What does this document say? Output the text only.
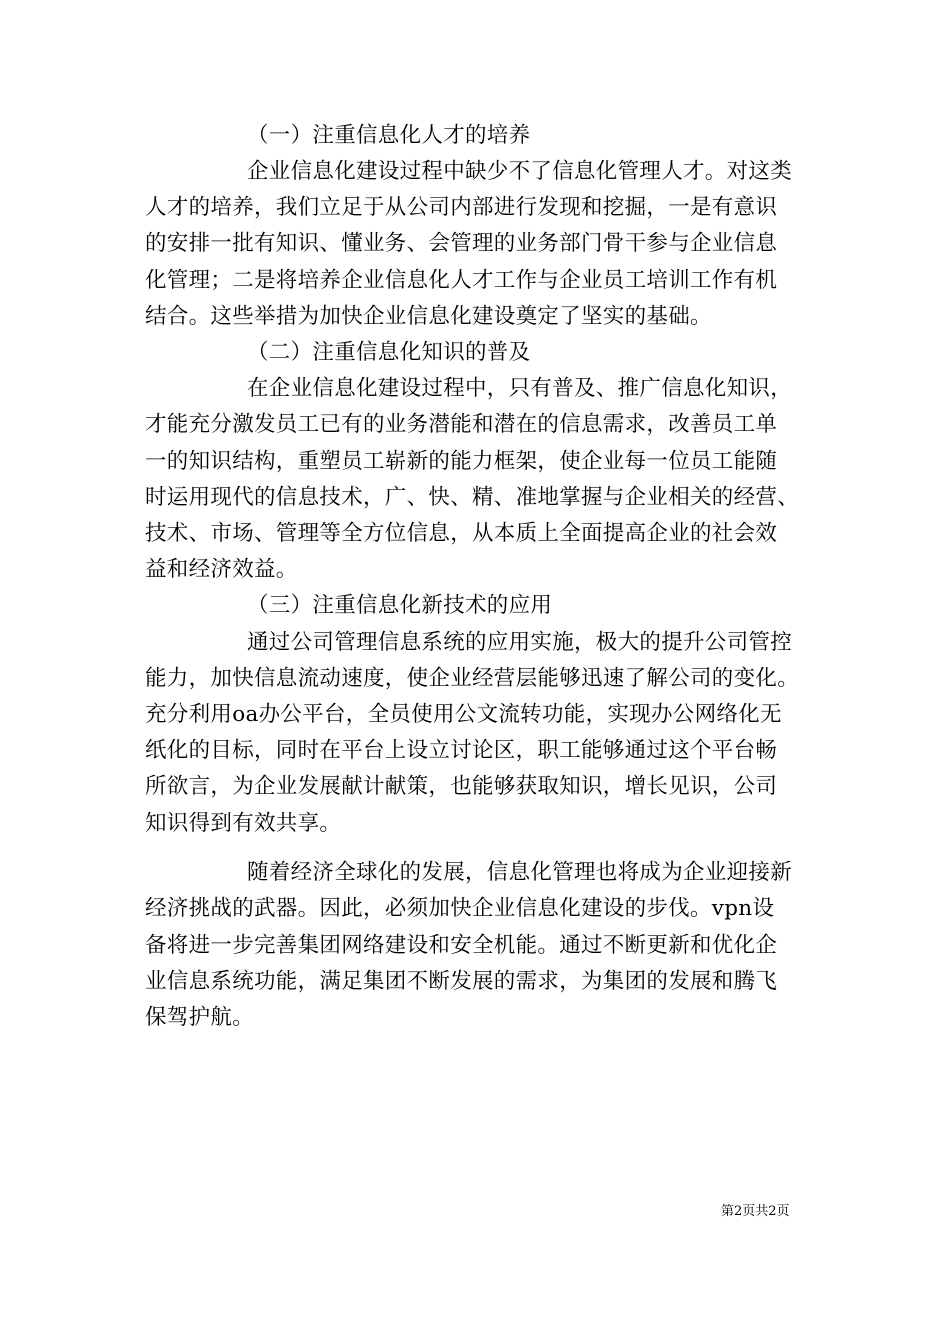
（一）注重信息化人才的培养
企业信息化建设过程中缺少不了信息化管理人才。对这类
人才的培养，我们立足于从公司内部进行发现和挖掘，一是有意识
的安排一批有知识、懂业务、会管理的业务部门骨干参与企业信息
化管理；二是将培养企业信息化人才工作与企业员工培训工作有机
结合。这些举措为加快企业信息化建设奠定了坚实的基础。
（二）注重信息化知识的普及
在企业信息化建设过程中，只有普及、推广信息化知识，
才能充分激发员工已有的业务潜能和潜在的信息需求，改善员工单
一的知识结构，重塑员工崭新的能力框架，使企业每一位员工能随
时运用现代的信息技术，广、快、精、准地掌握与企业相关的经营、
技术、市场、管理等全方位信息，从本质上全面提高企业的社会效
益和经济效益。
（三）注重信息化新技术的应用
通过公司管理信息系统的应用实施，极大的提升公司管控
能力，加快信息流动速度，使企业经营层能够迅速了解公司的变化。
充分利用oa办公平台，全员使用公文流转功能，实现办公网络化无
纸化的目标，同时在平台上设立讨论区，职工能够通过这个平台畅
所欲言，为企业发展献计献策，也能够获取知识，增长见识，公司
知识得到有效共享。
随着经济全球化的发展，信息化管理也将成为企业迎接新
经济挑战的武器。因此，必须加快企业信息化建设的步伐。vpn设
备将进一步完善集团网络建设和安全机能。通过不断更新和优化企
业信息系统功能，满足集团不断发展的需求，为集团的发展和腾飞
保驾护航。
第2页共2页
